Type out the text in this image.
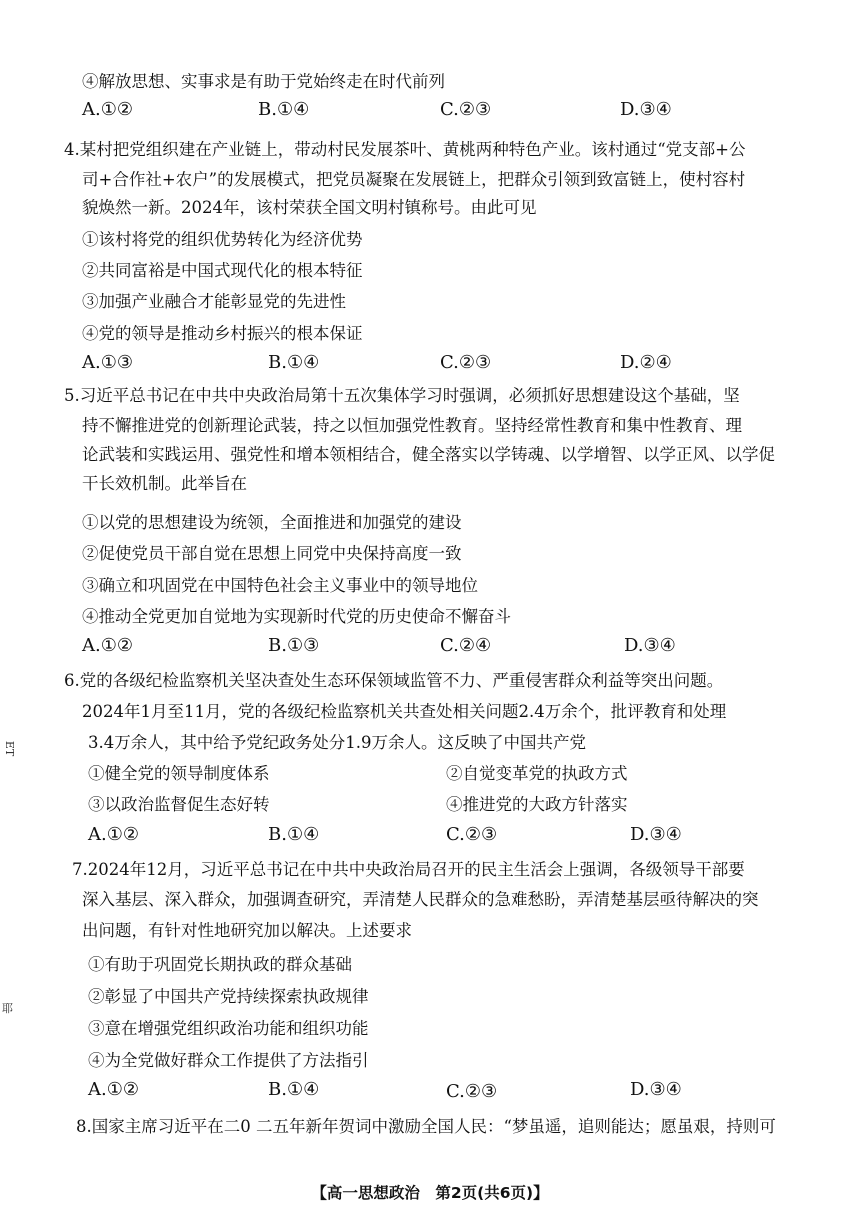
④解放思想、实事求是有助于党始终走在时代前列
A.①②	B.①④	C.②③	D.③④
4.某村把党组织建在产业链上，带动村民发展茶叶、黄桃两种特色产业。该村通过“党支部+公
司+合作社+农户”的发展模式，把党员凝聚在发展链上，把群众引领到致富链上，使村容村
貌焕然一新。2024年，该村荣获全国文明村镇称号。由此可见
①该村将党的组织优势转化为经济优势
②共同富裕是中国式现代化的根本特征
③加强产业融合才能彰显党的先进性
④党的领导是推动乡村振兴的根本保证
A.①③	B.①④	C.②③	D.②④
5.习近平总书记在中共中央政治局第十五次集体学习时强调，必须抓好思想建设这个基础，坚
持不懈推进党的创新理论武装，持之以恒加强党性教育。坚持经常性教育和集中性教育、理
论武装和实践运用、强党性和增本领相结合，健全落实以学铸魂、以学增智、以学正风、以学促
干长效机制。此举旨在
①以党的思想建设为统领，全面推进和加强党的建设
②促使党员干部自觉在思想上同党中央保持高度一致
③确立和巩固党在中国特色社会主义事业中的领导地位
④推动全党更加自觉地为实现新时代党的历史使命不懈奋斗
A.①②	B.①③	C.②④	D.③④
6.党的各级纪检监察机关坚决查处生态环保领域监管不力、严重侵害群众利益等突出问题。
2024年1月至11月，党的各级纪检监察机关共查处相关问题2.4万余个，批评教育和处理
3.4万余人，其中给予党纪政务处分1.9万余人。这反映了中国共产党
①健全党的领导制度体系	②自觉变革党的执政方式
③以政治监督促生态好转	④推进党的大政方针落实
A.①②	B.①④	C.②③	D.③④
7.2024年12月，习近平总书记在中共中央政治局召开的民主生活会上强调，各级领导干部要
深入基层、深入群众，加强调查研究，弄清楚人民群众的急难愁盼，弄清楚基层亟待解决的突
出问题，有针对性地研究加以解决。上述要求
①有助于巩固党长期执政的群众基础
②彰显了中国共产党持续探索执政规律
③意在增强党组织政治功能和组织功能
④为全党做好群众工作提供了方法指引
A.①②	B.①④	C.②③	D.③④
8.国家主席习近平在二0 二五年新年贺词中激励全国人民：“梦虽遥，追则能达；愿虽艰，持则可
ET
耶
【高一思想政治　第2页(共6页)】
